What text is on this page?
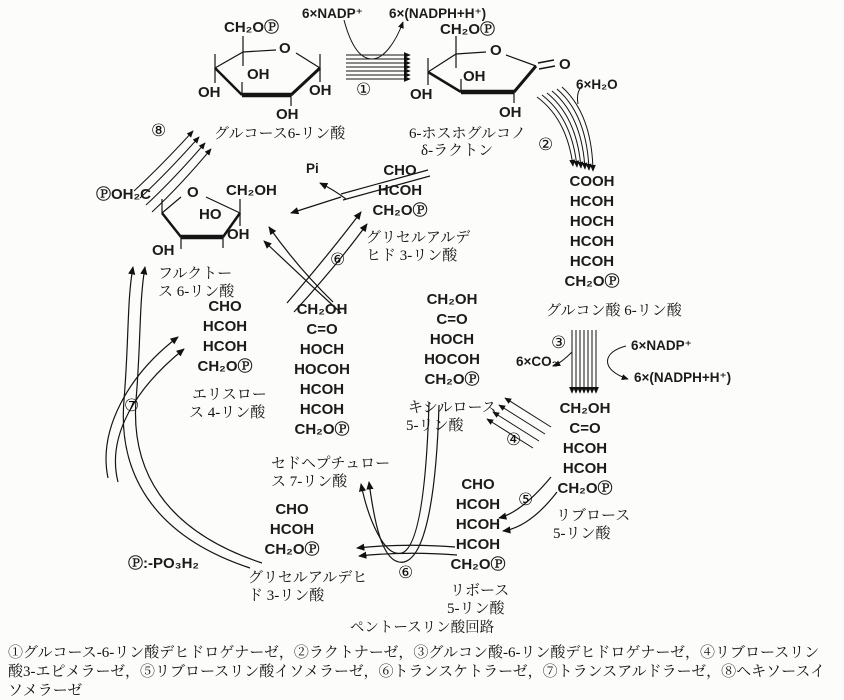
CH₂OⓅ
O
OH
OH	OH
OH
グルコース6-リン酸
6×NADP⁺ 6×(NADPH+H⁺)
①
CH₂OⓅ
O
O
OH
OH
OH
6-ホスホグルコノ
δ-ラクトン
6×H₂O
②
COOH
HCOH
HOCH
HCOH
HCOH
CH₂OⓅ
グルコン酸 6-リン酸
③
6×CO₂
6×NADP⁺
6×(NADPH+H⁺)
CH₂OH
C=O
HCOH
HCOH
CH₂OⓅ
リブロース
5-リン酸
④
CH₂OH
C=O
HOCH
HOCOH
CH₂OⓅ
キシルロース
5-リン酸
⑤
CHO
HCOH
HCOH
HCOH
CH₂OⓅ
リボース
5-リン酸
CH₂OH
C=O
HOCH
HOCOH
HCOH
HCOH
CH₂OⓅ
セドヘプチュロー
ス 7-リン酸
CHO
HCOH
HCOH
CH₂OⓅ
エリスロー
ス 4-リン酸
Pi	CHO
HCOH
CH₂OⓅ
グリセルアルデ
ヒド 3-リン酸
⑥
ⓅOH₂C O CH₂OH
HO
OH
OH
フルクトー
ス 6-リン酸
⑦
⑧
CHO
HCOH
CH₂OⓅ
グリセルアルデヒ
ド 3-リン酸
⑥
Ⓟ:-PO₃H₂
ペントースリン酸回路
①グルコース-6-リン酸デヒドロゲナーゼ，②ラクトナーゼ，③グルコン酸-6-リン酸デヒドロゲナーゼ，④リブロースリン
酸3-エピメラーゼ，⑤リブロースリン酸イソメラーゼ，⑥トランスケトラーゼ，⑦トランスアルドラーゼ，⑧ヘキソースイ
ソメラーゼ
